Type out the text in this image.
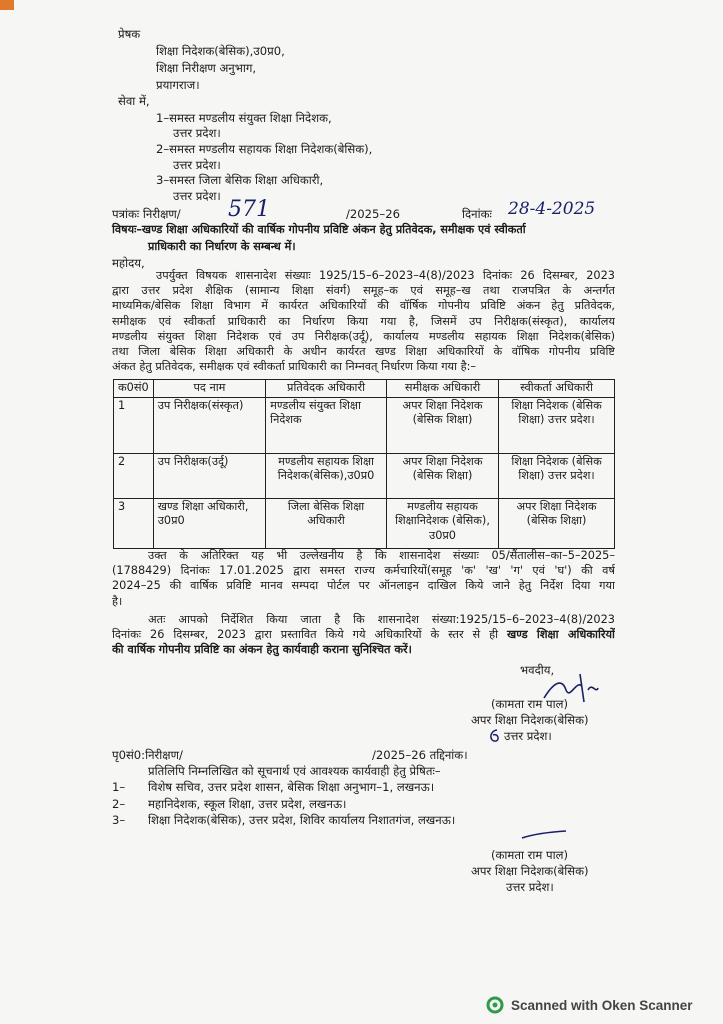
प्रेषक
शिक्षा निदेशक(बेसिक),उ0प्र0,
शिक्षा निरीक्षण अनुभाग,
प्रयागराज।
सेवा में,
1–समस्त मण्डलीय संयुक्त शिक्षा निदेशक,
उत्तर प्रदेश।
2–समस्त मण्डलीय सहायक शिक्षा निदेशक(बेसिक),
उत्तर प्रदेश।
3–समस्त जिला बेसिक शिक्षा अधिकारी,
उत्तर प्रदेश।
पत्रांकः निरीक्षण/ 571	/2025–26	दिनांकः 28-4-2025
विषयः–खण्ड शिक्षा अधिकारियों की वार्षिक गोपनीय प्रविष्टि अंकन हेतु प्रतिवेदक, समीक्षक एवं स्वीकर्ता
प्राधिकारी का निर्धारण के सम्बन्ध में।
महोदय,
उपर्युक्त विषयक शासनादेश संख्याः 1925/15–6–2023–4(8)/2023 दिनांकः 26 दिसम्बर, 2023
द्वारा उत्तर प्रदेश शैक्षिक (सामान्य शिक्षा संवर्ग) समूह–क एवं समूह–ख तथा राजपत्रित के अन्तर्गत
माध्यमिक/बेसिक शिक्षा विभाग में कार्यरत अधिकारियों की वॉर्षिक गोपनीय प्रविष्टि अंकन हेतु प्रतिवेदक,
समीक्षक एवं स्वीकर्ता प्राधिकारी का निर्धारण किया गया है, जिसमें उप निरीक्षक(संस्कृत), कार्यालय
मण्डलीय संयुक्त शिक्षा निदेशक एवं उप निरीक्षक(उर्दू), कार्यालय मण्डलीय सहायक शिक्षा निदेशक(बेसिक)
तथा जिला बेसिक शिक्षा अधिकारी के अधीन कार्यरत खण्ड शिक्षा अधिकारियों के वॉषिक गोपनीय प्रविष्टि
अंकत हेतु प्रतिवेदक, समीक्षक एवं स्वीकर्ता प्राधिकारी का निम्नवत् निर्धारण किया गया है:–
क0सं0	पद नाम	प्रतिवेदक अधिकारी	समीक्षक अधिकारी	स्वीकर्ता अधिकारी
1	उप निरीक्षक(संस्कृत)	मण्डलीय संयुक्त शिक्षा निदेशक	अपर शिक्षा निदेशक (बेसिक शिक्षा)	शिक्षा निदेशक (बेसिक शिक्षा) उत्तर प्रदेश।
2	उप निरीक्षक(उर्दू)	मण्डलीय सहायक शिक्षा निदेशक(बेसिक),उ0प्र0	अपर शिक्षा निदेशक (बेसिक शिक्षा)	शिक्षा निदेशक (बेसिक शिक्षा) उत्तर प्रदेश।
3	खण्ड शिक्षा अधिकारी, उ0प्र0	जिला बेसिक शिक्षा अधिकारी	मण्डलीय सहायक शिक्षानिदेशक (बेसिक), उ0प्र0	अपर शिक्षा निदेशक (बेसिक शिक्षा)
उक्त के अतिरिक्त यह भी उल्लेखनीय है कि शासनादेश संख्याः 05/सैंतालीस–का–5–2025–
(1788429) दिनांकः 17.01.2025 द्वारा समस्त राज्य कर्मचारियों(समूह 'क' 'ख' 'ग' एवं 'घ') की वर्ष
2024–25 की वार्षिक प्रविष्टि मानव सम्पदा पोर्टल पर ऑनलाइन दाखिल किये जाने हेतु निर्देश दिया गया
है।
अतः आपको निर्देशित किया जाता है कि शासनादेश संख्या:1925/15–6–2023–4(8)/2023
दिनांकः 26 दिसम्बर, 2023 द्वारा प्रस्तावित किये गये अधिकारियों के स्तर से ही खण्ड शिक्षा अधिकारियों
की वार्षिक गोपनीय प्रविष्टि का अंकन हेतु कार्यवाही कराना सुनिश्चित करें।
भवदीय,
(कामता राम पाल)
अपर शिक्षा निदेशक(बेसिक)
उत्तर प्रदेश।
पृ0सं0:निरीक्षण/	/2025–26 तद्दिनांक।
प्रतिलिपि निम्नलिखित को सूचनार्थ एवं आवश्यक कार्यवाही हेतु प्रेषितः–
1– विशेष सचिव, उत्तर प्रदेश शासन, बेसिक शिक्षा अनुभाग–1, लखनऊ।
2– महानिदेशक, स्कूल शिक्षा, उत्तर प्रदेश, लखनऊ।
3– शिक्षा निदेशक(बेसिक), उत्तर प्रदेश, शिविर कार्यालय निशातगंज, लखनऊ।
(कामता राम पाल)
अपर शिक्षा निदेशक(बेसिक)
उत्तर प्रदेश।
Scanned with Oken Scanner
